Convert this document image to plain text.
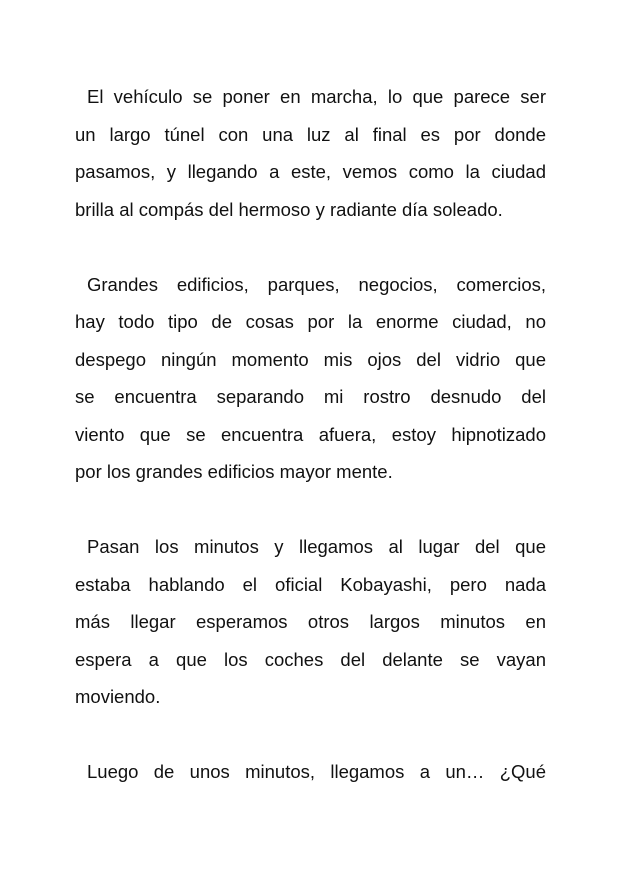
El vehículo se poner en marcha, lo que parece ser
un largo túnel con una luz al final es por donde
pasamos, y llegando a este, vemos como la ciudad
brilla al compás del hermoso y radiante día soleado.
Grandes edificios, parques, negocios, comercios,
hay todo tipo de cosas por la enorme ciudad, no
despego ningún momento mis ojos del vidrio que
se encuentra separando mi rostro desnudo del
viento que se encuentra afuera, estoy hipnotizado
por los grandes edificios mayor mente.
Pasan los minutos y llegamos al lugar del que
estaba hablando el oficial Kobayashi, pero nada
más llegar esperamos otros largos minutos en
espera a que los coches del delante se vayan
moviendo.
Luego de unos minutos, llegamos a un… ¿Qué
